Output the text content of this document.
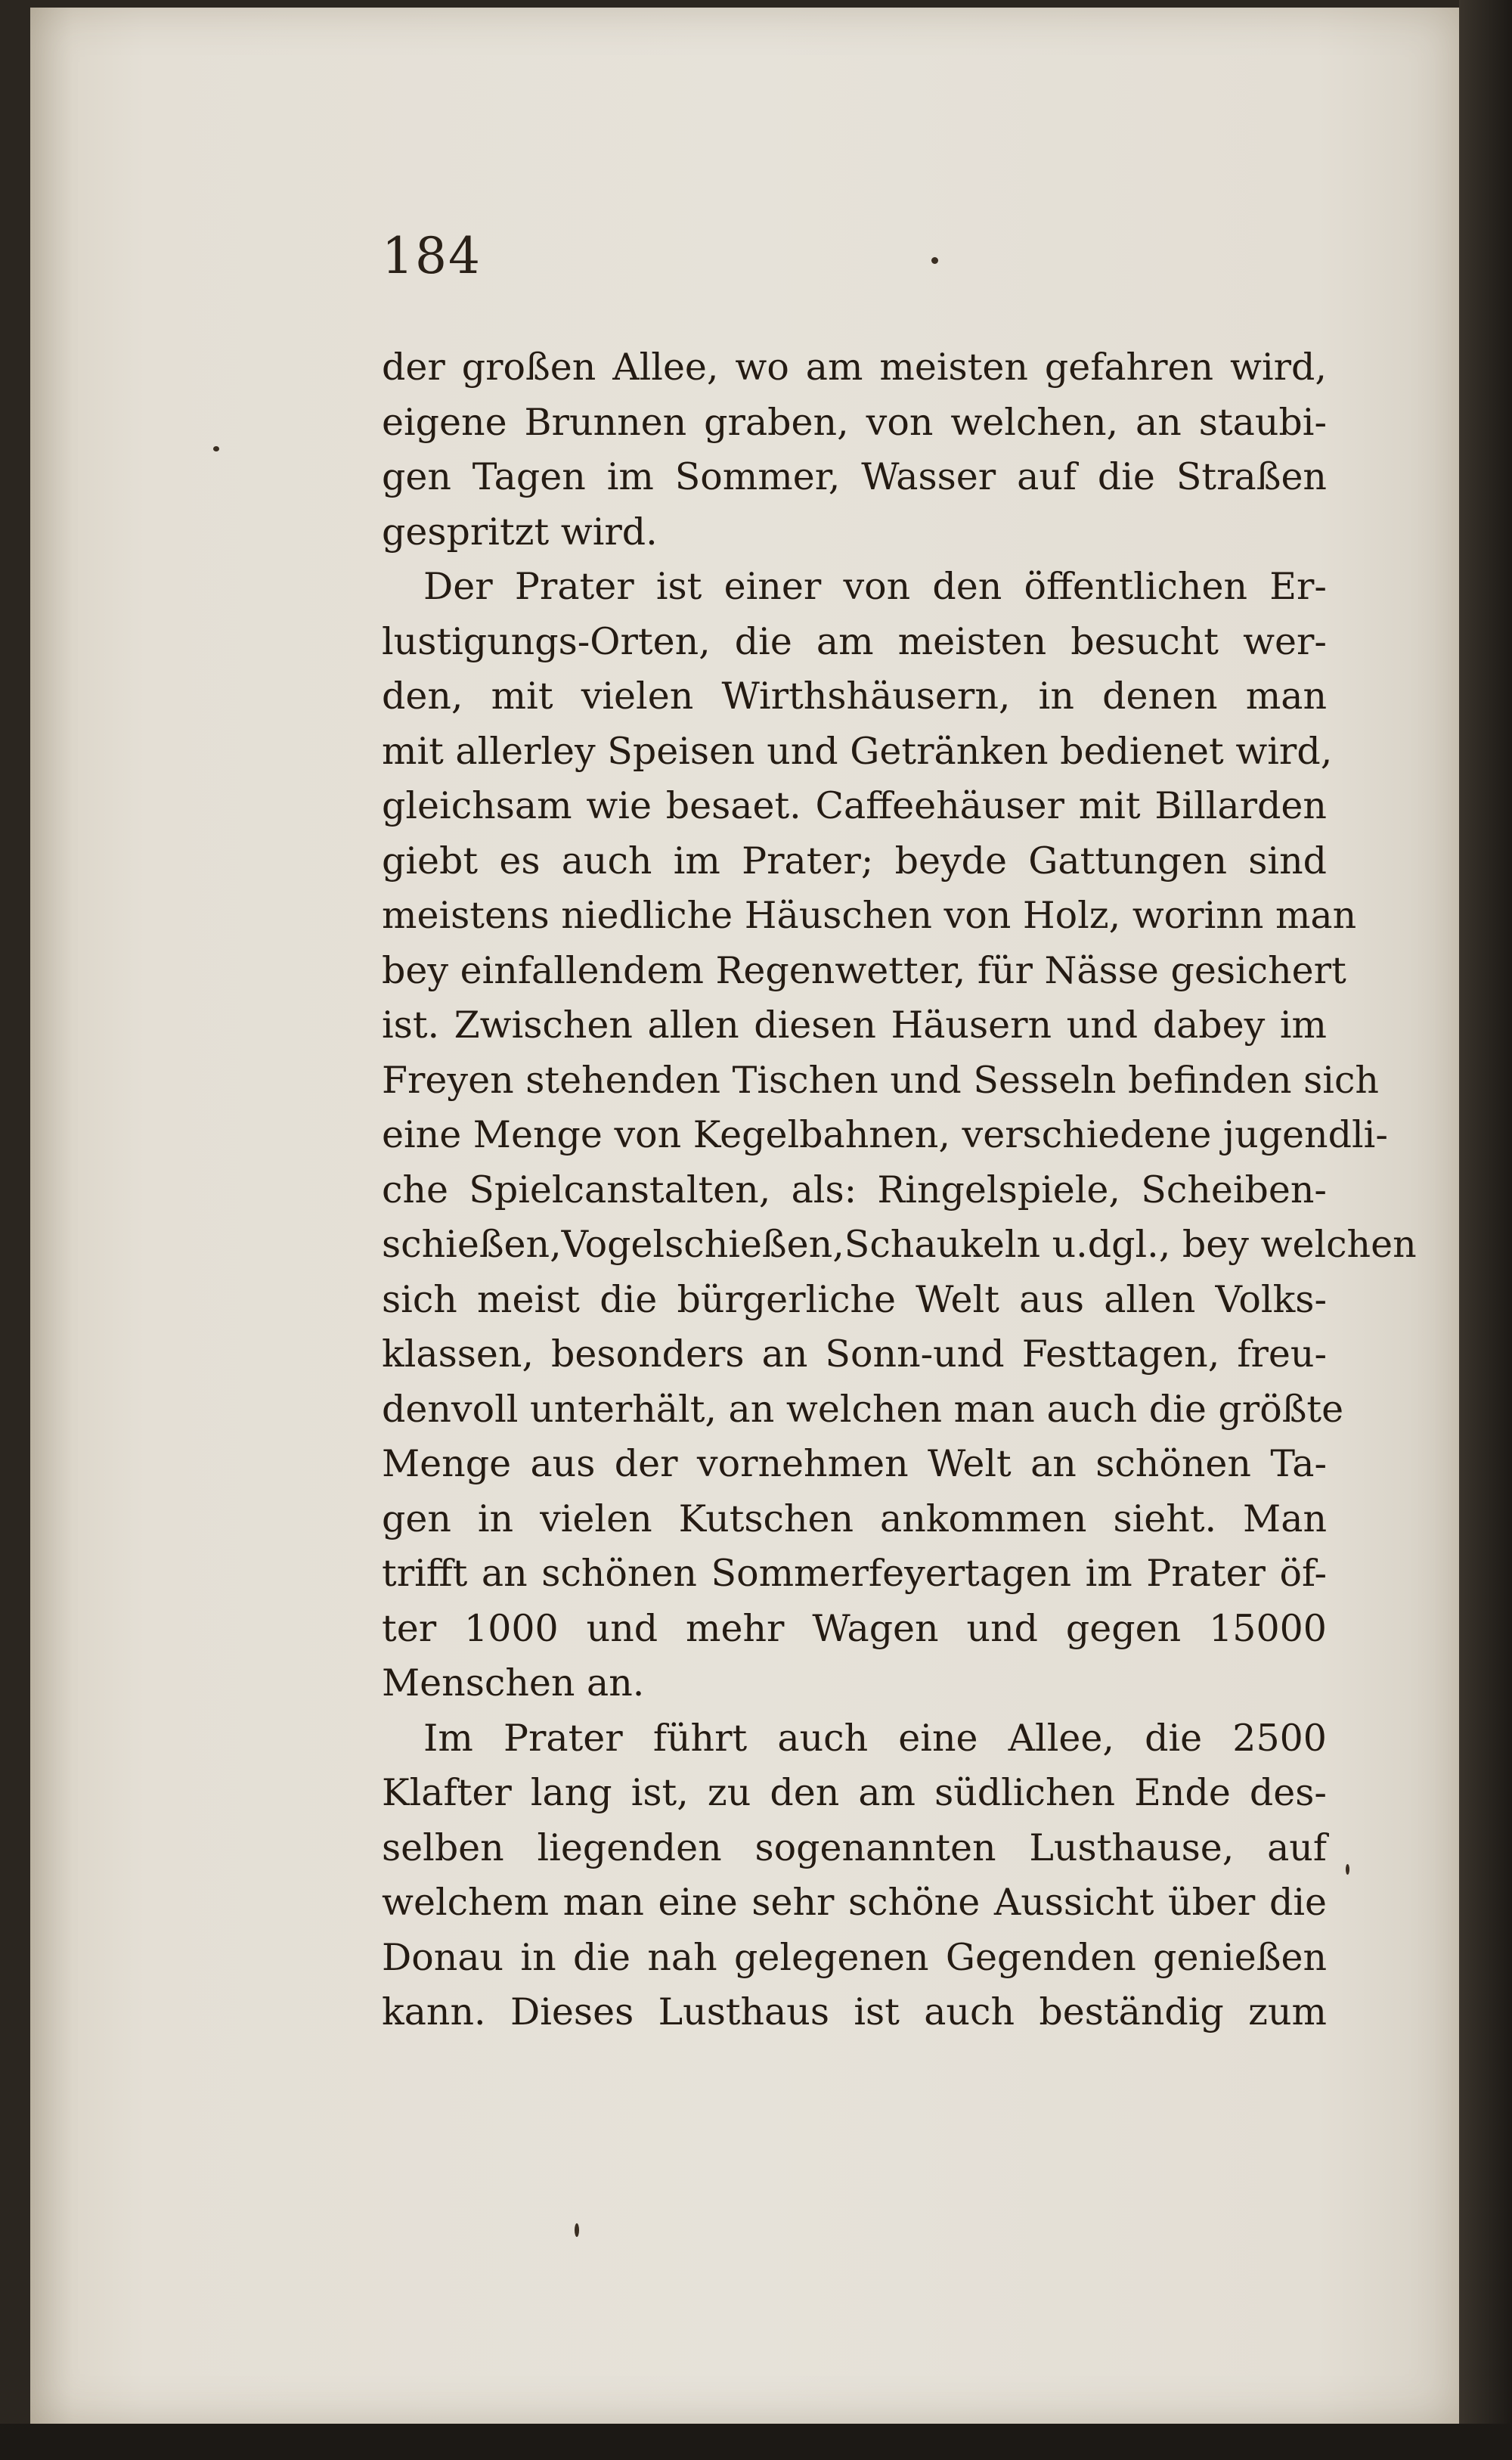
184
der großen Allee, wo am meisten gefahren wird,
eigene Brunnen graben, von welchen, an staubi-
gen Tagen im Sommer, Wasser auf die Straßen
gespritzt wird.
Der Prater ist einer von den öffentlichen Er-
lustigungs-Orten, die am meisten besucht wer-
den, mit vielen Wirthshäusern, in denen man
mit allerley Speisen und Getränken bedienet wird,
gleichsam wie besaet. Caffeehäuser mit Billarden
giebt es auch im Prater; beyde Gattungen sind
meistens niedliche Häuschen von Holz, worinn man
bey einfallendem Regenwetter, für Nässe gesichert
ist. Zwischen allen diesen Häusern und dabey im
Freyen stehenden Tischen und Sesseln befinden sich
eine Menge von Kegelbahnen, verschiedene jugendli-
che Spielcanstalten, als: Ringelspiele, Scheiben-
schießen,Vogelschießen,Schaukeln u.dgl., bey welchen
sich meist die bürgerliche Welt aus allen Volks-
klassen, besonders an Sonn-und Festtagen, freu-
denvoll unterhält, an welchen man auch die größte
Menge aus der vornehmen Welt an schönen Ta-
gen in vielen Kutschen ankommen sieht. Man
trifft an schönen Sommerfeyertagen im Prater öf-
ter 1000 und mehr Wagen und gegen 15000
Menschen an.
Im Prater führt auch eine Allee, die 2500
Klafter lang ist, zu den am südlichen Ende des-
selben liegenden sogenannten Lusthause, auf
welchem man eine sehr schöne Aussicht über die
Donau in die nah gelegenen Gegenden genießen
kann. Dieses Lusthaus ist auch beständig zum
